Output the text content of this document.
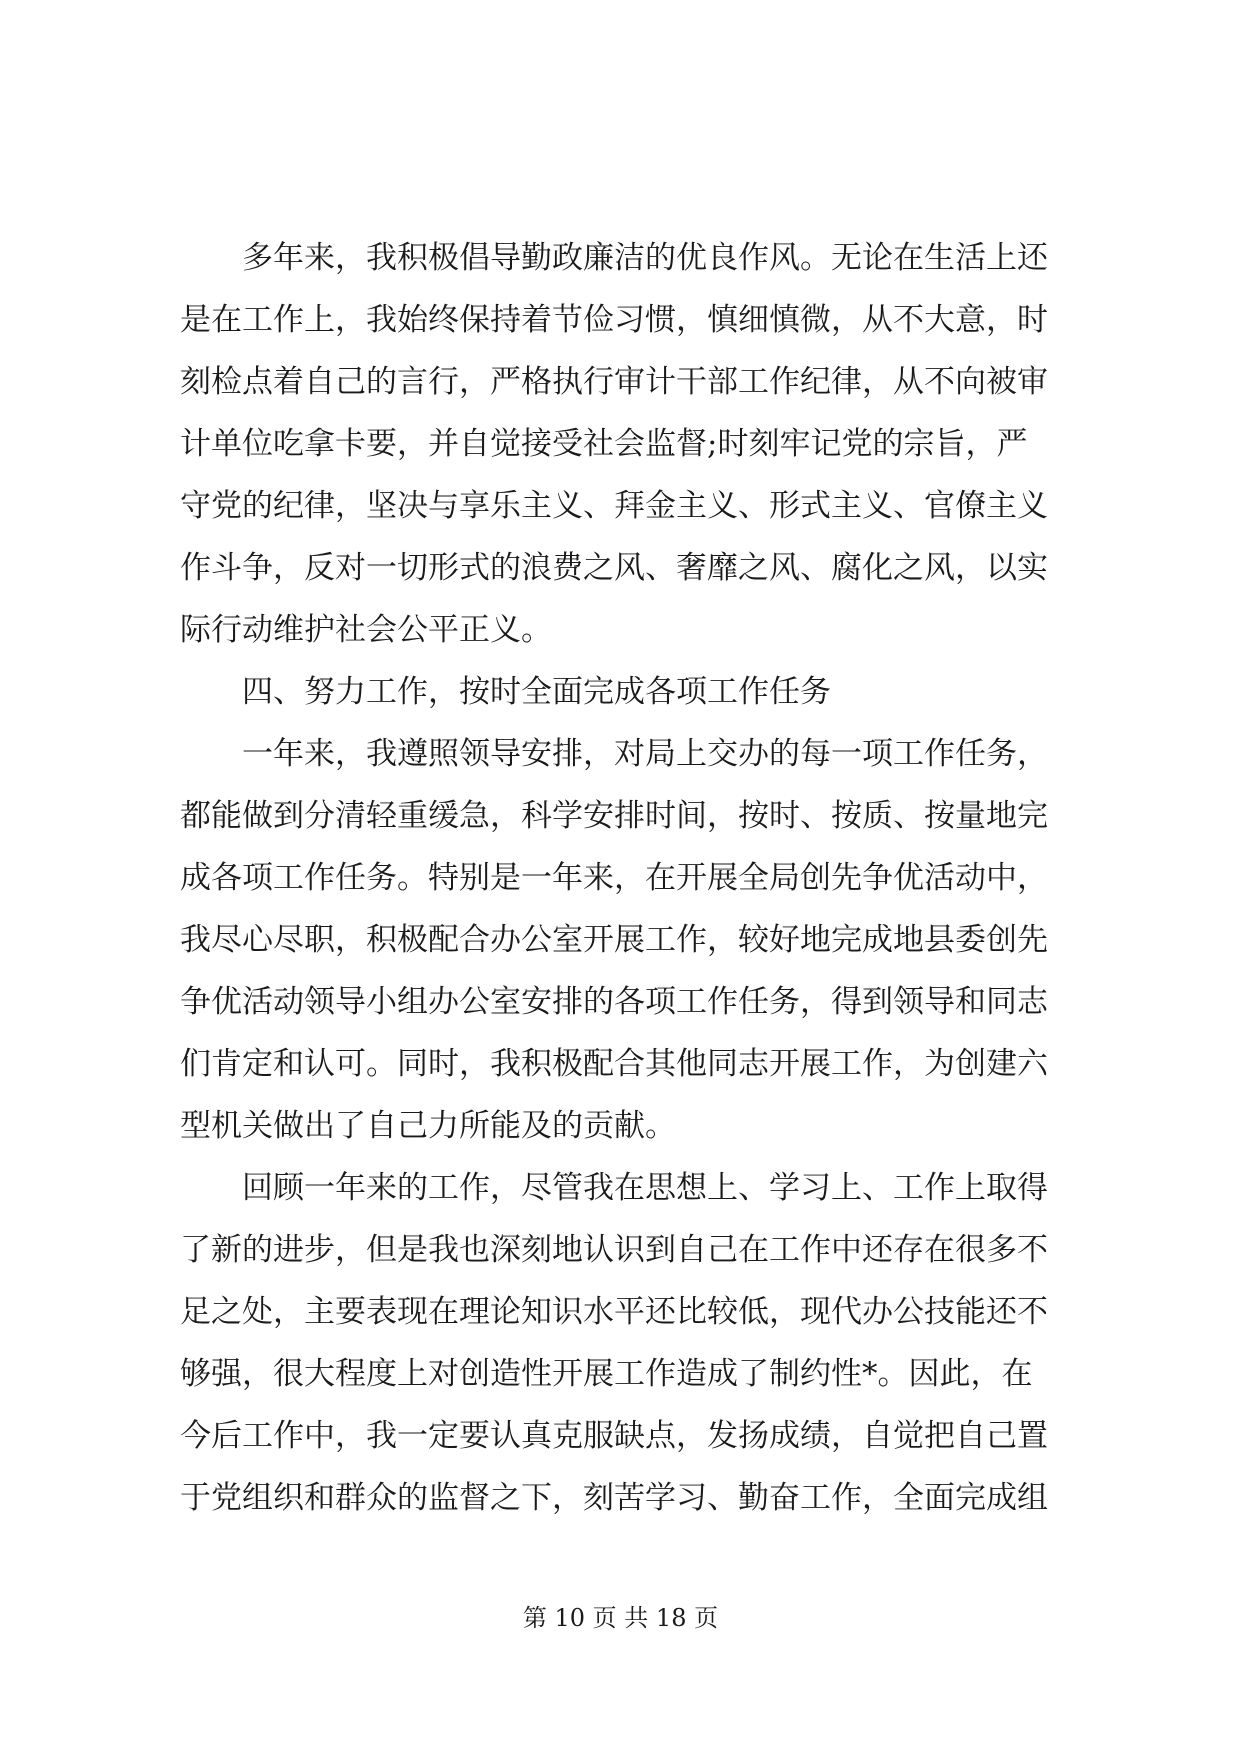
　　多年来，我积极倡导勤政廉洁的优良作风。无论在生活上还
是在工作上，我始终保持着节俭习惯，慎细慎微，从不大意，时
刻检点着自己的言行，严格执行审计干部工作纪律，从不向被审
计单位吃拿卡要，并自觉接受社会监督;时刻牢记党的宗旨，严
守党的纪律，坚决与享乐主义、拜金主义、形式主义、官僚主义
作斗争，反对一切形式的浪费之风、奢靡之风、腐化之风，以实
际行动维护社会公平正义。
　　四、努力工作，按时全面完成各项工作任务
　　一年来，我遵照领导安排，对局上交办的每一项工作任务，
都能做到分清轻重缓急，科学安排时间，按时、按质、按量地完
成各项工作任务。特别是一年来，在开展全局创先争优活动中，
我尽心尽职，积极配合办公室开展工作，较好地完成地县委创先
争优活动领导小组办公室安排的各项工作任务，得到领导和同志
们肯定和认可。同时，我积极配合其他同志开展工作，为创建六
型机关做出了自己力所能及的贡献。
　　回顾一年来的工作，尽管我在思想上、学习上、工作上取得
了新的进步，但是我也深刻地认识到自己在工作中还存在很多不
足之处，主要表现在理论知识水平还比较低，现代办公技能还不
够强，很大程度上对创造性开展工作造成了制约性*。因此，在
今后工作中，我一定要认真克服缺点，发扬成绩，自觉把自己置
于党组织和群众的监督之下，刻苦学习、勤奋工作，全面完成组
第 10 页 共 18 页
